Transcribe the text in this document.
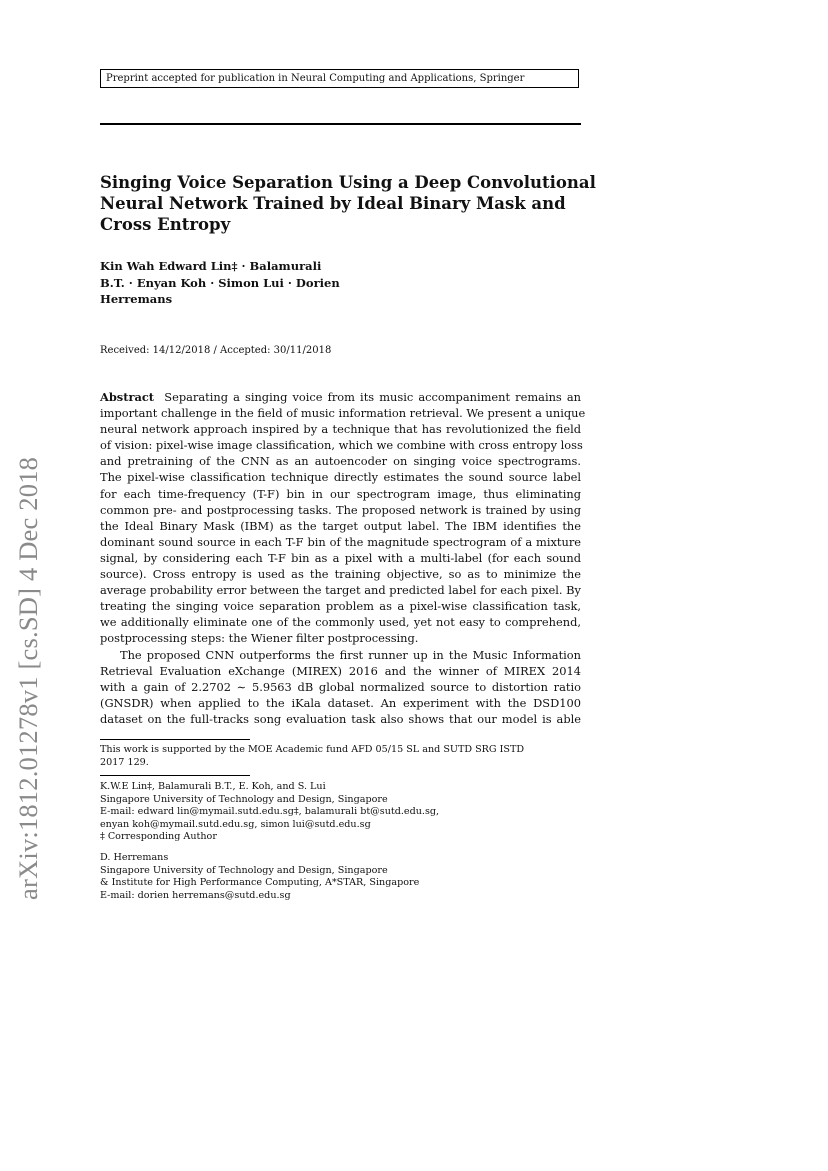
arXiv:1812.01278v1 [cs.SD] 4 Dec 2018
Preprint accepted for publication in Neural Computing and Applications, Springer
Singing Voice Separation Using a Deep Convolutional
Neural Network Trained by Ideal Binary Mask and
Cross Entropy
Kin Wah Edward Lin‡ · Balamurali
B.T. · Enyan Koh · Simon Lui · Dorien
Herremans
Received: 14/12/2018 / Accepted: 30/11/2018
Abstract Separating a singing voice from its music accompaniment remains an
important challenge in the field of music information retrieval. We present a unique
neural network approach inspired by a technique that has revolutionized the field
of vision: pixel-wise image classification, which we combine with cross entropy loss
and pretraining of the CNN as an autoencoder on singing voice spectrograms.
The pixel-wise classification technique directly estimates the sound source label
for each time-frequency (T-F) bin in our spectrogram image, thus eliminating
common pre- and postprocessing tasks. The proposed network is trained by using
the Ideal Binary Mask (IBM) as the target output label. The IBM identifies the
dominant sound source in each T-F bin of the magnitude spectrogram of a mixture
signal, by considering each T-F bin as a pixel with a multi-label (for each sound
source). Cross entropy is used as the training objective, so as to minimize the
average probability error between the target and predicted label for each pixel. By
treating the singing voice separation problem as a pixel-wise classification task,
we additionally eliminate one of the commonly used, yet not easy to comprehend,
postprocessing steps: the Wiener filter postprocessing.
The proposed CNN outperforms the first runner up in the Music Information
Retrieval Evaluation eXchange (MIREX) 2016 and the winner of MIREX 2014
with a gain of 2.2702 ∼ 5.9563 dB global normalized source to distortion ratio
(GNSDR) when applied to the iKala dataset. An experiment with the DSD100
dataset on the full-tracks song evaluation task also shows that our model is able
This work is supported by the MOE Academic fund AFD 05/15 SL and SUTD SRG ISTD
2017 129.
K.W.E Lin‡, Balamurali B.T., E. Koh, and S. Lui
Singapore University of Technology and Design, Singapore
E-mail: edward lin@mymail.sutd.edu.sg‡, balamurali bt@sutd.edu.sg,
enyan koh@mymail.sutd.edu.sg, simon lui@sutd.edu.sg
‡ Corresponding Author
D. Herremans
Singapore University of Technology and Design, Singapore
& Institute for High Performance Computing, A*STAR, Singapore
E-mail: dorien herremans@sutd.edu.sg
